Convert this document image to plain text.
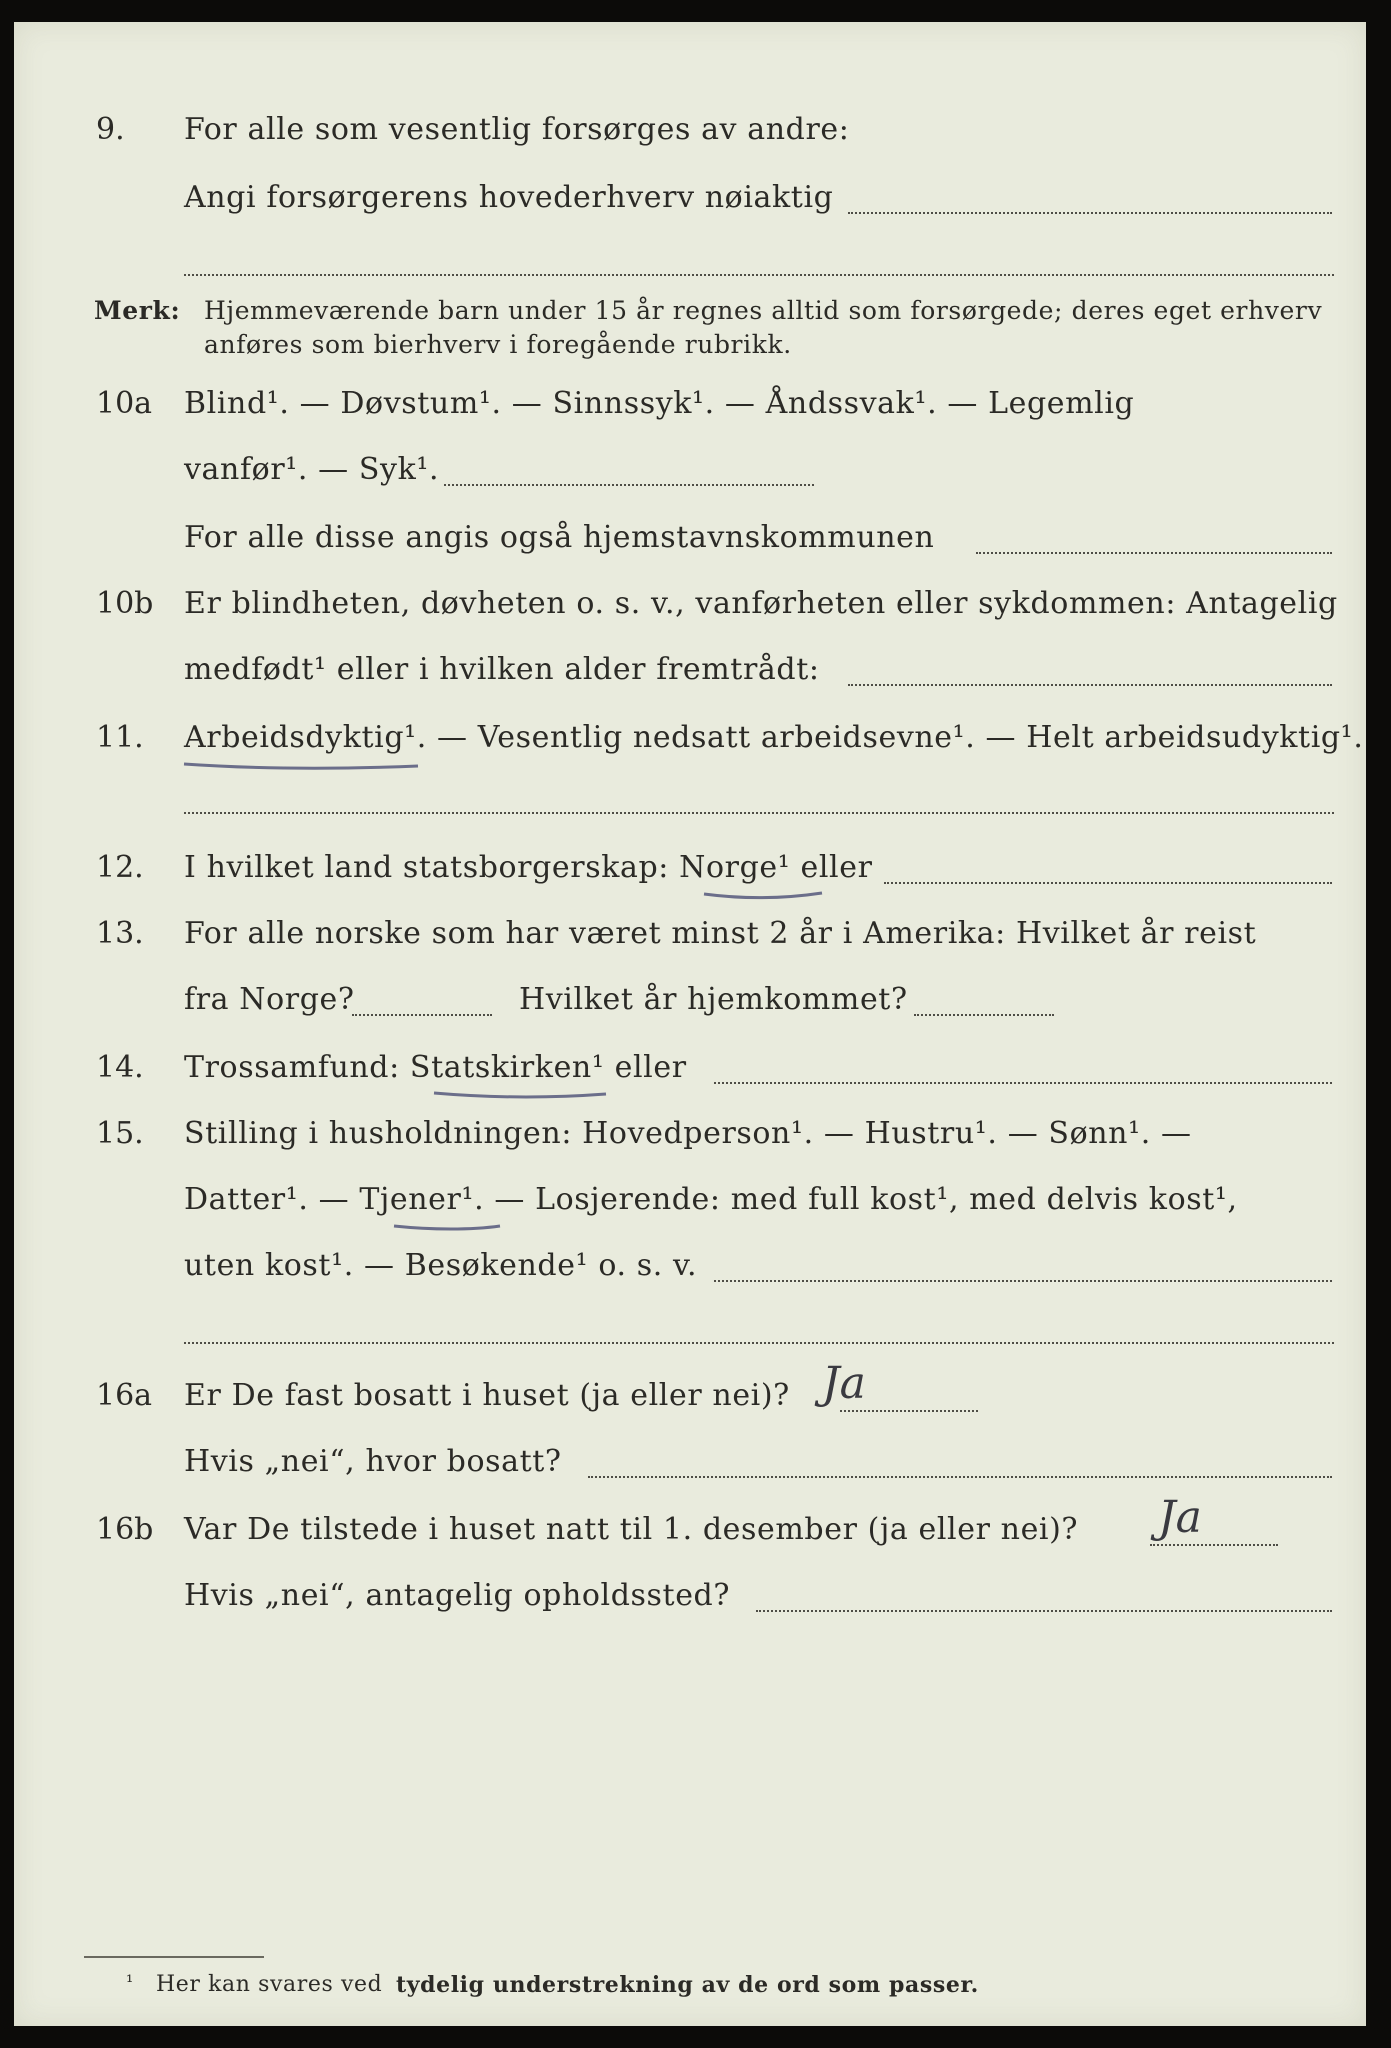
9. For alle som vesentlig forsørges av andre:
Angi forsørgerens hovederhverv nøiaktig
Merk: Hjemmeværende barn under 15 år regnes alltid som forsørgede; deres eget erhverv
anføres som bierhverv i foregående rubrikk.
10a Blind¹. — Døvstum¹. — Sinnssyk¹. — Åndssvak¹. — Legemlig
vanfør¹. — Syk¹.
For alle disse angis også hjemstavnskommunen
10b Er blindheten, døvheten o. s. v., vanførheten eller sykdommen: Antagelig
medfødt¹ eller i hvilken alder fremtrådt:
11. Arbeidsdyktig¹. — Vesentlig nedsatt arbeidsevne¹. — Helt arbeidsudyktig¹.
12. I hvilket land statsborgerskap: Norge¹ eller
13. For alle norske som har været minst 2 år i Amerika: Hvilket år reist
fra Norge?	Hvilket år hjemkommet?
14. Trossamfund: Statskirken¹ eller
15. Stilling i husholdningen: Hovedperson¹. — Hustru¹. — Sønn¹. —
Datter¹. — Tjener¹. — Losjerende: med full kost¹, med delvis kost¹,
uten kost¹. — Besøkende¹ o. s. v.
16a Er De fast bosatt i huset (ja eller nei)? Ja
Hvis „nei“, hvor bosatt?
16b Var De tilstede i huset natt til 1. desember (ja eller nei)? Ja
Hvis „nei“, antagelig opholdssted?
¹ Her kan svares ved tydelig understrekning av de ord som passer.
